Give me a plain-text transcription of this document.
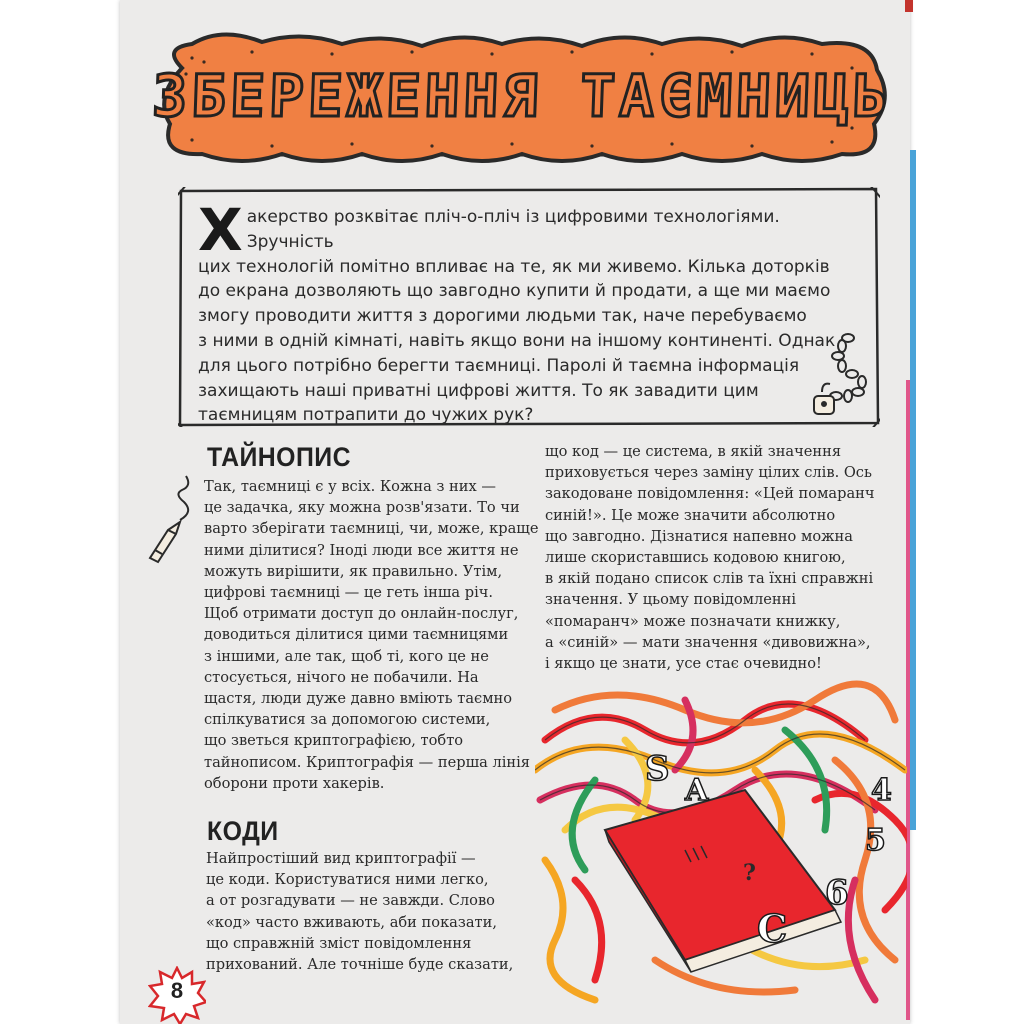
ЗБЕРЕЖЕННЯ ТАЄМНИЦЬ
Х акерство розквітає пліч-о-пліч із цифровими технологіями. Зручність
цих технологій помітно впливає на те, як ми живемо. Кілька доторків
до екрана дозволяють що завгодно купити й продати, а ще ми маємо
змогу проводити життя з дорогими людьми так, наче перебуваємо
з ними в одній кімнаті, навіть якщо вони на іншому континенті. Однак
для цього потрібно берегти таємниці. Паролі й таємна інформація
захищають наші приватні цифрові життя. То як завадити цим
таємницям потрапити до чужих рук?
ТАЙНОПИС
Так, таємниці є у всіх. Кожна з них —
це задачка, яку можна розв'язати. То чи
варто зберігати таємниці, чи, може, краще
ними ділитися? Іноді люди все життя не
можуть вирішити, як правильно. Утім,
цифрові таємниці — це геть інша річ.
Щоб отримати доступ до онлайн-послуг,
доводиться ділитися цими таємницями
з іншими, але так, щоб ті, кого це не
стосується, нічого не побачили. На
щастя, люди дуже давно вміють таємно
спілкуватися за допомогою системи,
що зветься криптографією, тобто
тайнописом. Криптографія — перша лінія
оборони проти хакерів.
КОДИ
Найпростіший вид криптографії —
це коди. Користуватися ними легко,
а от розгадувати — не завжди. Слово
«код» часто вживають, аби показати,
що справжній зміст повідомлення
прихований. Але точніше буде сказати,
що код — це система, в якій значення
приховується через заміну цілих слів. Ось
закодоване повідомлення: «Цей помаранч
синій!». Це може значити абсолютно
що завгодно. Дізнатися напевно можна
лише скориставшись кодовою книгою,
в якій подано список слів та їхні справжні
значення. У цьому повідомленні
«помаранч» може позначати книжку,
а «синій» — мати значення «дивовижна»,
і якщо це знати, усе стає очевидно!
S
A
C
6
5
4
?
8
